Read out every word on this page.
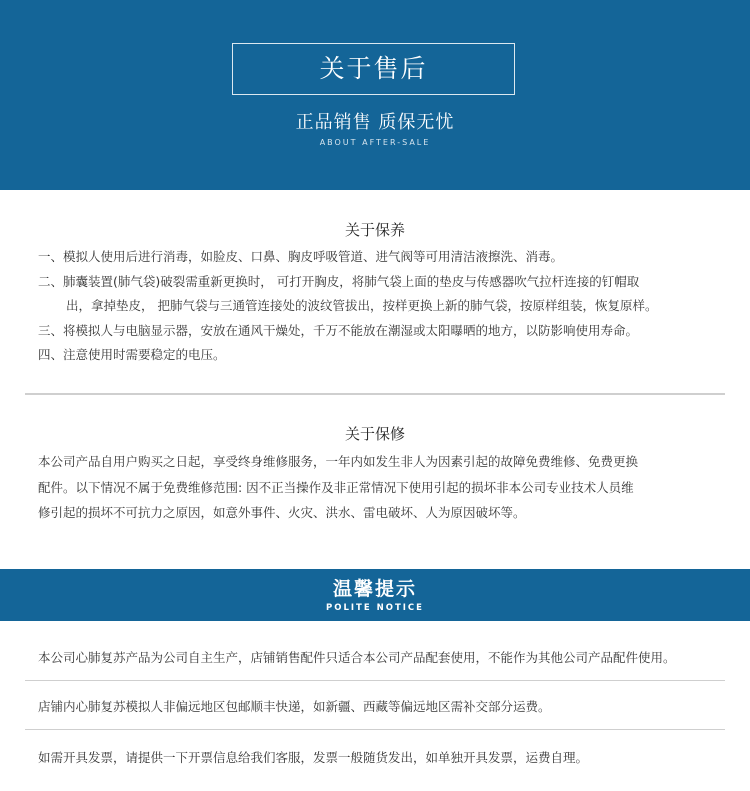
关于售后
正品销售 质保无忧
ABOUT AFTER-SALE
关于保养
一、模拟人使用后进行消毒，如脸皮、口鼻、胸皮呼吸管道、进气阀等可用清洁液擦洗、消毒。
二、肺囊装置(肺气袋)破裂需重新更换时， 可打开胸皮，将肺气袋上面的垫皮与传感器吹气拉杆连接的钉帽取
出，拿掉垫皮， 把肺气袋与三通管连接处的波纹管拔出，按样更换上新的肺气袋，按原样组装，恢复原样。
三、将模拟人与电脑显示器，安放在通风干燥处，千万不能放在潮湿或太阳曝晒的地方，以防影响使用寿命。
四、注意使用时需要稳定的电压。
关于保修
本公司产品自用户购买之日起，享受终身维修服务，一年内如发生非人为因素引起的故障免费维修、免费更换
配件。以下情况不属于免费维修范围: 因不正当操作及非正常情况下使用引起的损坏非本公司专业技术人员维
修引起的损坏不可抗力之原因，如意外事件、火灾、洪水、雷电破坏、人为原因破坏等。
温馨提示
POLITE NOTICE
本公司心肺复苏产品为公司自主生产，店铺销售配件只适合本公司产品配套使用，不能作为其他公司产品配件使用。
店铺内心肺复苏模拟人非偏远地区包邮顺丰快递，如新疆、西藏等偏远地区需补交部分运费。
如需开具发票，请提供一下开票信息给我们客服，发票一般随货发出，如单独开具发票，运费自理。
